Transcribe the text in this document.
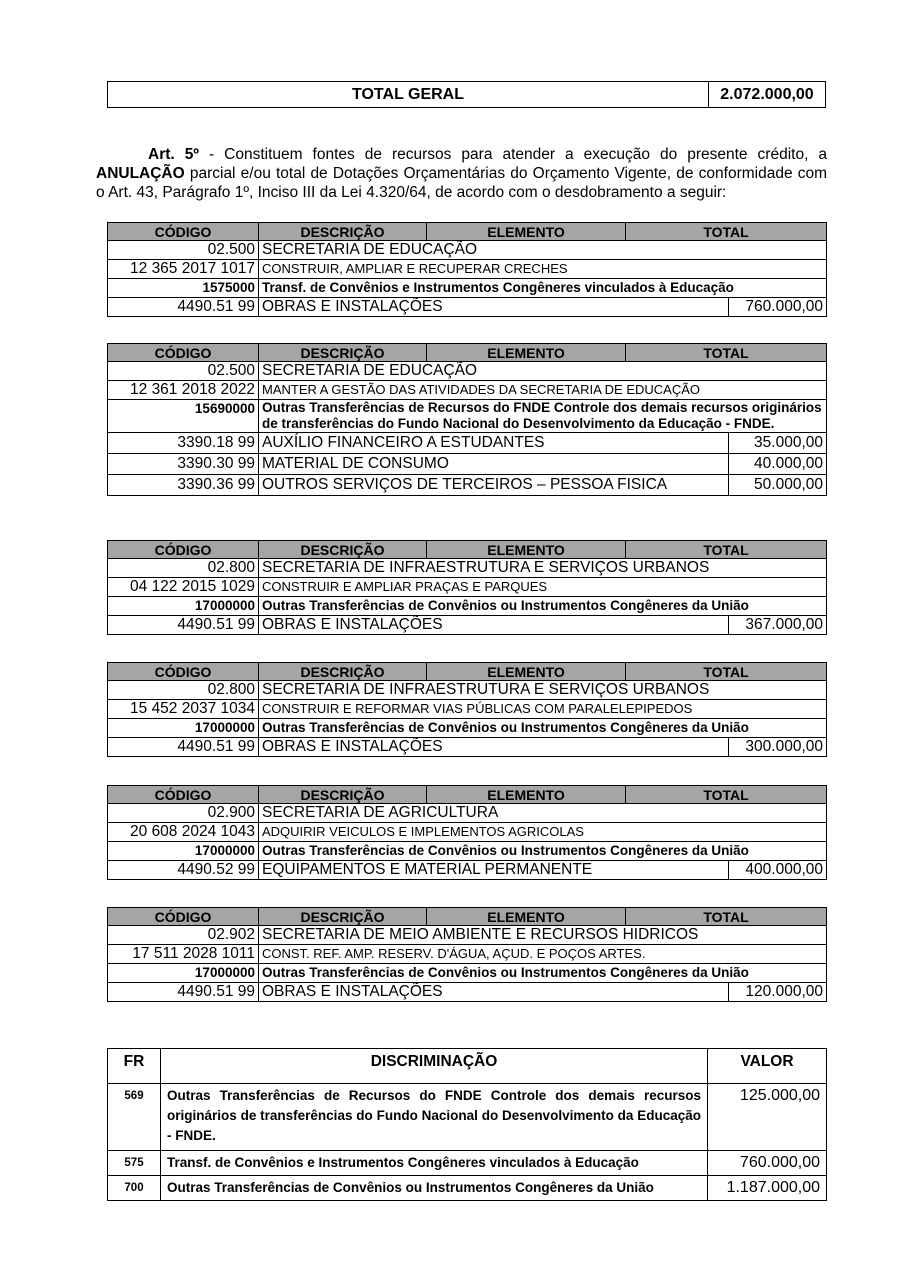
TOTAL GERAL	2.072.000,00
Art. 5º - Constituem fontes de recursos para atender a execução do presente crédito, a ANULAÇÃO parcial e/ou total de Dotações Orçamentárias do Orçamento Vigente, de conformidade com o Art. 43, Parágrafo 1º, Inciso III da Lei 4.320/64, de acordo com o desdobramento a seguir:
CÓDIGO	DESCRIÇÃO	ELEMENTO	TOTAL	
02.500	SECRETARIA DE EDUCAÇÃO			
12 365 2017 1017	CONSTRUIR, AMPLIAR E RECUPERAR CRECHES			
1575000	Transf. de Convênios e Instrumentos Congêneres vinculados à Educação			
4490.51 99	OBRAS E INSTALAÇÕES			760.000,00
CÓDIGO	DESCRIÇÃO	ELEMENTO	TOTAL	
02.500	SECRETARIA DE EDUCAÇÃO			
12 361 2018 2022	MANTER A GESTÃO DAS ATIVIDADES DA SECRETARIA DE EDUCAÇÃO			
15690000	Outras Transferências de Recursos do FNDE Controle dos demais recursos originários de transferências do Fundo Nacional do Desenvolvimento da Educação - FNDE.			
3390.18 99	AUXÍLIO FINANCEIRO A ESTUDANTES			35.000,00
3390.30 99	MATERIAL DE CONSUMO			40.000,00
3390.36 99	OUTROS SERVIÇOS DE TERCEIROS – PESSOA FISICA			50.000,00
CÓDIGO	DESCRIÇÃO	ELEMENTO	TOTAL	
02.800	SECRETARIA DE INFRAESTRUTURA E SERVIÇOS URBANOS			
04 122 2015 1029	CONSTRUIR E AMPLIAR PRAÇAS E PARQUES			
17000000	Outras Transferências de Convênios ou Instrumentos Congêneres da União			
4490.51 99	OBRAS E INSTALAÇÕES			367.000,00
CÓDIGO	DESCRIÇÃO	ELEMENTO	TOTAL	
02.800	SECRETARIA DE INFRAESTRUTURA E SERVIÇOS URBANOS			
15 452 2037 1034	CONSTRUIR E REFORMAR VIAS PÚBLICAS COM PARALELEPIPEDOS			
17000000	Outras Transferências de Convênios ou Instrumentos Congêneres da União			
4490.51 99	OBRAS E INSTALAÇÕES			300.000,00
CÓDIGO	DESCRIÇÃO	ELEMENTO	TOTAL	
02.900	SECRETARIA DE AGRICULTURA			
20 608 2024 1043	ADQUIRIR VEICULOS E IMPLEMENTOS AGRICOLAS			
17000000	Outras Transferências de Convênios ou Instrumentos Congêneres da União			
4490.52 99	EQUIPAMENTOS E MATERIAL PERMANENTE			400.000,00
CÓDIGO	DESCRIÇÃO	ELEMENTO	TOTAL	
02.902	SECRETARIA DE MEIO AMBIENTE E RECURSOS HIDRICOS			
17 511 2028 1011	CONST. REF. AMP. RESERV. D'ÁGUA, AÇUD. E POÇOS ARTES.			
17000000	Outras Transferências de Convênios ou Instrumentos Congêneres da União			
4490.51 99	OBRAS E INSTALAÇÕES			120.000,00
FR	DISCRIMINAÇÃO	VALOR
569	Outras Transferências de Recursos do FNDE Controle dos demais recursos originários de transferências do Fundo Nacional do Desenvolvimento da Educação - FNDE.	125.000,00
575	Transf. de Convênios e Instrumentos Congêneres vinculados à Educação	760.000,00
700	Outras Transferências de Convênios ou Instrumentos Congêneres da União	1.187.000,00
